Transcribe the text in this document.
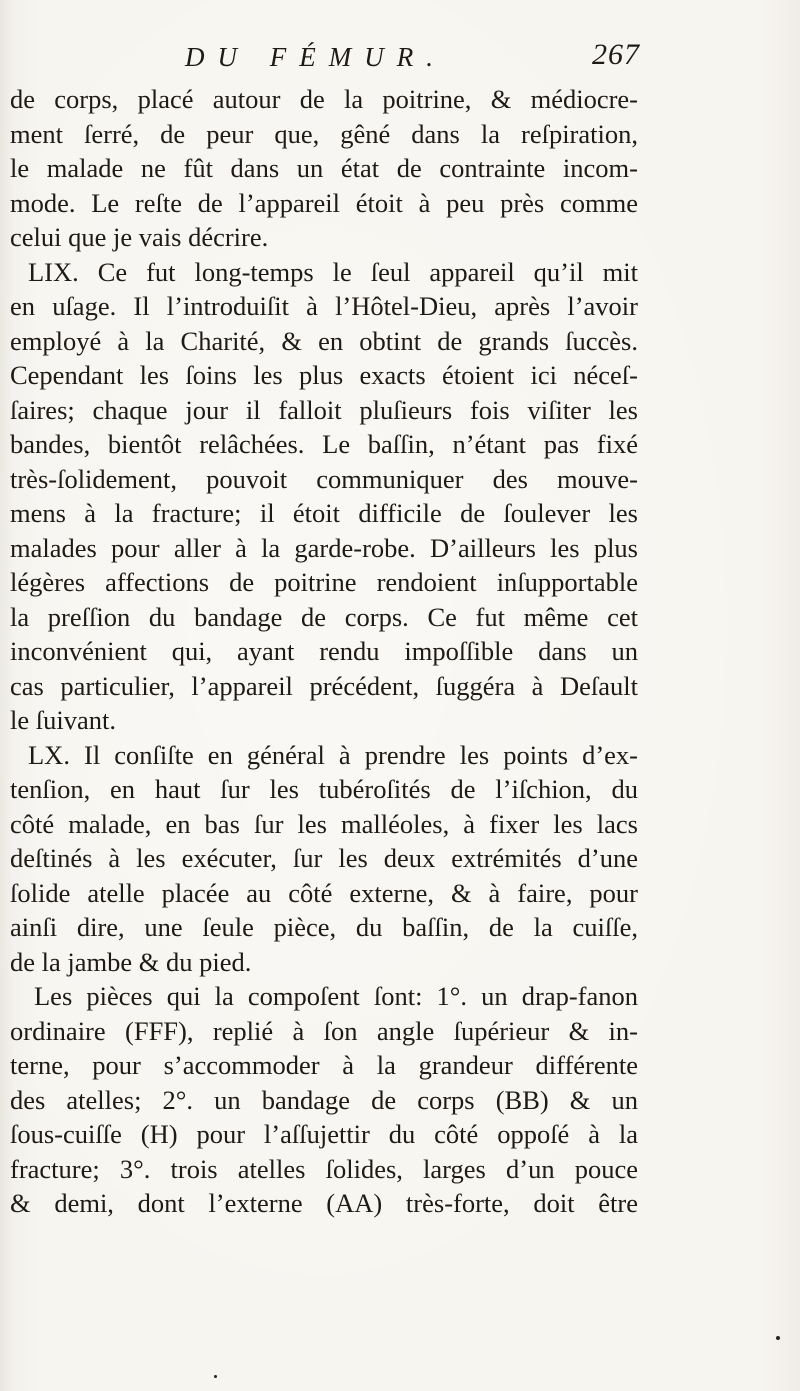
DU FÉMUR.	267
de corps, placé autour de la poitrine, & médiocre-
ment ſerré, de peur que, gêné dans la reſpiration,
le malade ne fût dans un état de contrainte incom-
mode. Le reſte de l’appareil étoit à peu près comme
celui que je vais décrire.
LIX. Ce fut long-temps le ſeul appareil qu’il mit
en uſage. Il l’introduiſit à l’Hôtel-Dieu, après l’avoir
employé à la Charité, & en obtint de grands ſuccès.
Cependant les ſoins les plus exacts étoient ici néceſ-
ſaires; chaque jour il falloit pluſieurs fois viſiter les
bandes, bientôt relâchées. Le baſſin, n’étant pas fixé
très-ſolidement, pouvoit communiquer des mouve-
mens à la fracture; il étoit difficile de ſoulever les
malades pour aller à la garde-robe. D’ailleurs les plus
légères affections de poitrine rendoient inſupportable
la preſſion du bandage de corps. Ce fut même cet
inconvénient qui, ayant rendu impoſſible dans un
cas particulier, l’appareil précédent, ſuggéra à Deſault
le ſuivant.
LX. Il conſiſte en général à prendre les points d’ex-
tenſion, en haut ſur les tubéroſités de l’iſchion, du
côté malade, en bas ſur les malléoles, à fixer les lacs
deſtinés à les exécuter, ſur les deux extrémités d’une
ſolide atelle placée au côté externe, & à faire, pour
ainſi dire, une ſeule pièce, du baſſin, de la cuiſſe,
de la jambe & du pied.
Les pièces qui la compoſent ſont: 1°. un drap-fanon
ordinaire (FFF), replié à ſon angle ſupérieur & in-
terne, pour s’accommoder à la grandeur différente
des atelles; 2°. un bandage de corps (BB) & un
ſous-cuiſſe (H) pour l’aſſujettir du côté oppoſé à la
fracture; 3°. trois atelles ſolides, larges d’un pouce
& demi, dont l’externe (AA) très-forte, doit être
